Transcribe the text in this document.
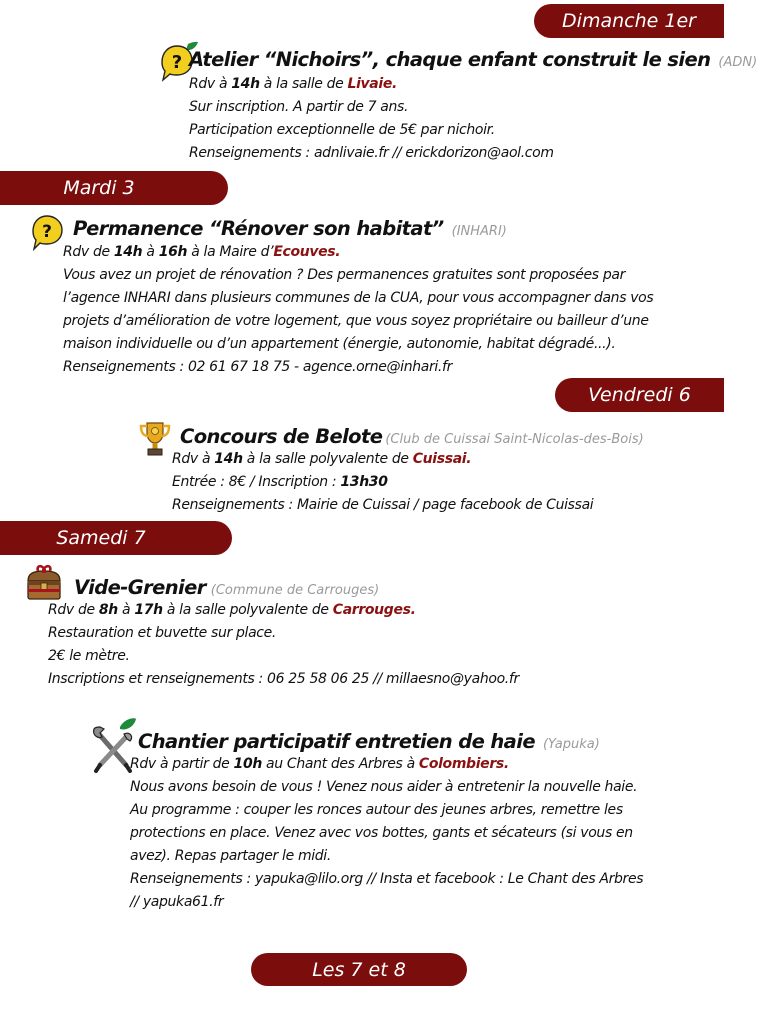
Dimanche 1er
Mardi 3
Vendredi 6
Samedi 7
Les 7 et 8
? Atelier “Nichoirs”, chaque enfant construit le sien (ADN)
Rdv à 14h à la salle de Livaie.
Sur inscription. A partir de 7 ans.
Participation exceptionnelle de 5€ par nichoir.
Renseignements : adnlivaie.fr // erickdorizon@aol.com
? Permanence “Rénover son habitat” (INHARI)
Rdv de 14h à 16h à la Maire d’Ecouves.
Vous avez un projet de rénovation ? Des permanences gratuites sont proposées par
l’agence INHARI dans plusieurs communes de la CUA, pour vous accompagner dans vos
projets d’amélioration de votre logement, que vous soyez propriétaire ou bailleur d’une
maison individuelle ou d’un appartement (énergie, autonomie, habitat dégradé...).
Renseignements : 02 61 67 18 75 - agence.orne@inhari.fr
Concours de Belote (Club de Cuissai Saint-Nicolas-des-Bois)
Rdv à 14h à la salle polyvalente de Cuissai.
Entrée : 8€ / Inscription : 13h30
Renseignements : Mairie de Cuissai / page facebook de Cuissai
Vide-Grenier (Commune de Carrouges)
Rdv de 8h à 17h à la salle polyvalente de Carrouges.
Restauration et buvette sur place.
2€ le mètre.
Inscriptions et renseignements : 06 25 58 06 25 // millaesno@yahoo.fr
Chantier participatif entretien de haie (Yapuka)
Rdv à partir de 10h au Chant des Arbres à Colombiers.
Nous avons besoin de vous ! Venez nous aider à entretenir la nouvelle haie.
Au programme : couper les ronces autour des jeunes arbres, remettre les
protections en place. Venez avec vos bottes, gants et sécateurs (si vous en
avez). Repas partager le midi.
Renseignements : yapuka@lilo.org // Insta et facebook : Le Chant des Arbres
// yapuka61.fr
